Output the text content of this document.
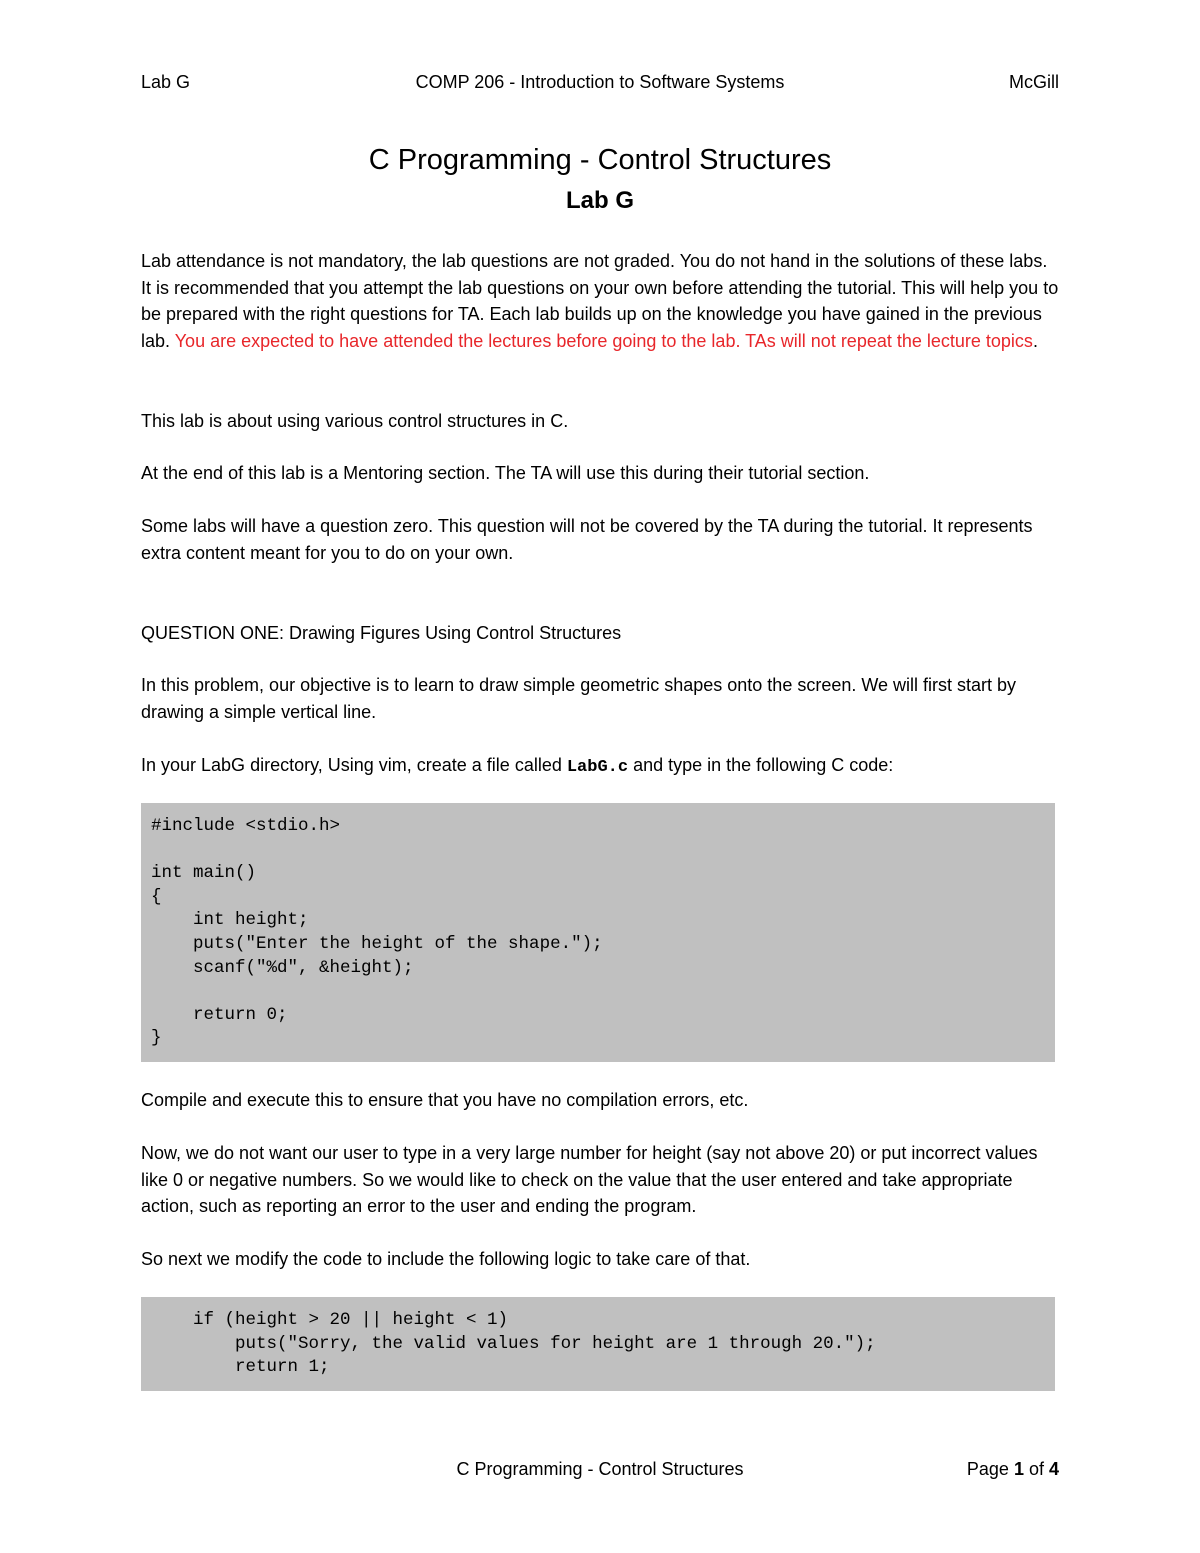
Lab G	COMP 206 - Introduction to Software Systems	McGill
C Programming - Control Structures
Lab G

Lab attendance is not mandatory, the lab questions are not graded. You do not hand in the solutions of these labs. It is recommended that you attempt the lab questions on your own before attending the tutorial. This will help you to be prepared with the right questions for TA. Each lab builds up on the knowledge you have gained in the previous lab. You are expected to have attended the lectures before going to the lab. TAs will not repeat the lecture topics.

This lab is about using various control structures in C.

At the end of this lab is a Mentoring section. The TA will use this during their tutorial section.

Some labs will have a question zero. This question will not be covered by the TA during the tutorial. It represents extra content meant for you to do on your own.

QUESTION ONE: Drawing Figures Using Control Structures

In this problem, our objective is to learn to draw simple geometric shapes onto the screen. We will first start by drawing a simple vertical line.

In your LabG directory, Using vim, create a file called LabG.c and type in the following C code:

#include <stdio.h>

int main()
{
int height;
puts("Enter the height of the shape.");
scanf("%d", &height);

return 0;
}

Compile and execute this to ensure that you have no compilation errors, etc.

Now, we do not want our user to type in a very large number for height (say not above 20) or put incorrect values like 0 or negative numbers. So we would like to check on the value that the user entered and take appropriate action, such as reporting an error to the user and ending the program.

So next we modify the code to include the following logic to take care of that.

if (height > 20 || height < 1)
puts("Sorry, the valid values for height are 1 through 20.");
return 1;
C Programming - Control Structures	Page 1 of 4
